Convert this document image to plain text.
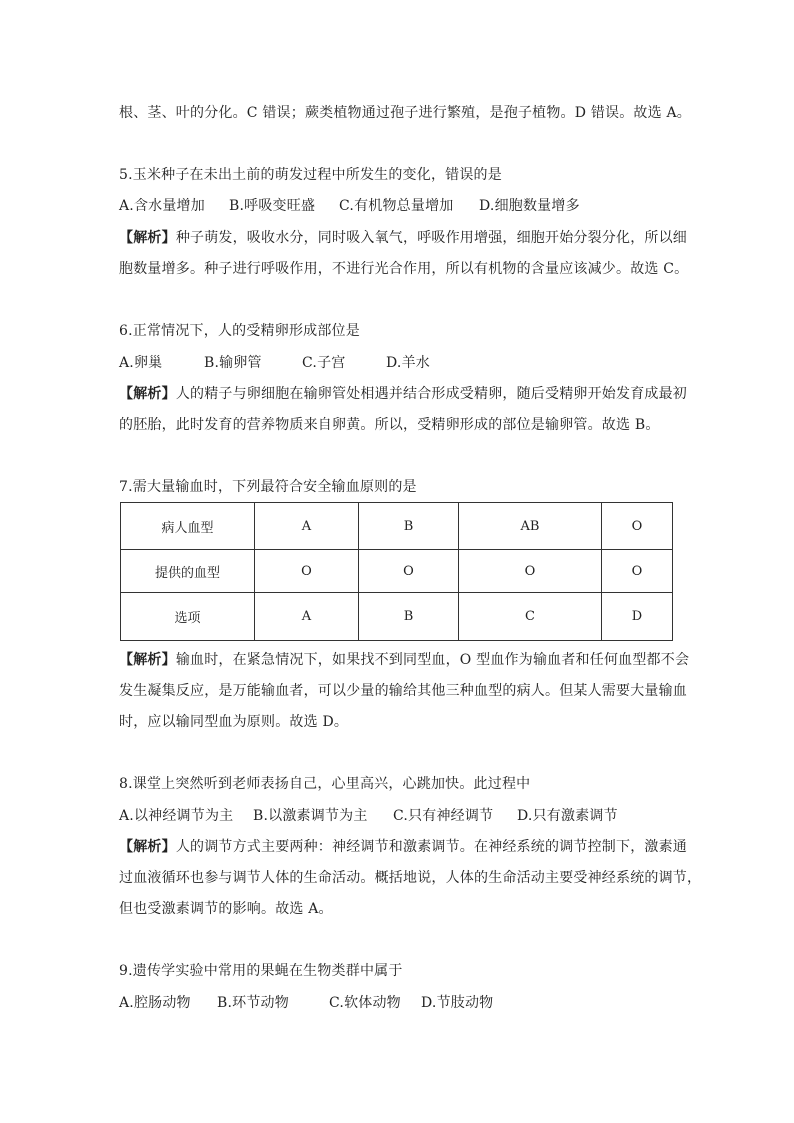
根、茎、叶的分化。C 错误；蕨类植物通过孢子进行繁殖，是孢子植物。D 错误。故选 A。
5.玉米种子在未出土前的萌发过程中所发生的变化，错误的是
A.含水量增加 B.呼吸变旺盛 C.有机物总量增加 D.细胞数量增多
【解析】种子萌发，吸收水分，同时吸入氧气，呼吸作用增强，细胞开始分裂分化，所以细
胞数量增多。种子进行呼吸作用，不进行光合作用，所以有机物的含量应该减少。故选 C。
6.正常情况下，人的受精卵形成部位是
A.卵巢	B.输卵管	C.子宫	D.羊水
【解析】人的精子与卵细胞在输卵管处相遇并结合形成受精卵，随后受精卵开始发育成最初
的胚胎，此时发育的营养物质来自卵黄。所以，受精卵形成的部位是输卵管。故选 B。
7.需大量输血时，下列最符合安全输血原则的是
病人血型	A	B	AB	O
提供的血型	O	O	O	O
选项	A	B	C	D
【解析】输血时，在紧急情况下，如果找不到同型血，O 型血作为输血者和任何血型都不会
发生凝集反应，是万能输血者，可以少量的输给其他三种血型的病人。但某人需要大量输血
时，应以输同型血为原则。故选 D。
8.课堂上突然听到老师表扬自己，心里高兴，心跳加快。此过程中
A.以神经调节为主 B.以激素调节为主 C.只有神经调节 D.只有激素调节
【解析】人的调节方式主要两种：神经调节和激素调节。在神经系统的调节控制下，激素通
过血液循环也参与调节人体的生命活动。概括地说，人体的生命活动主要受神经系统的调节，
但也受激素调节的影响。故选 A。
9.遗传学实验中常用的果蝇在生物类群中属于
A.腔肠动物 B.环节动物	C.软体动物 D.节肢动物
